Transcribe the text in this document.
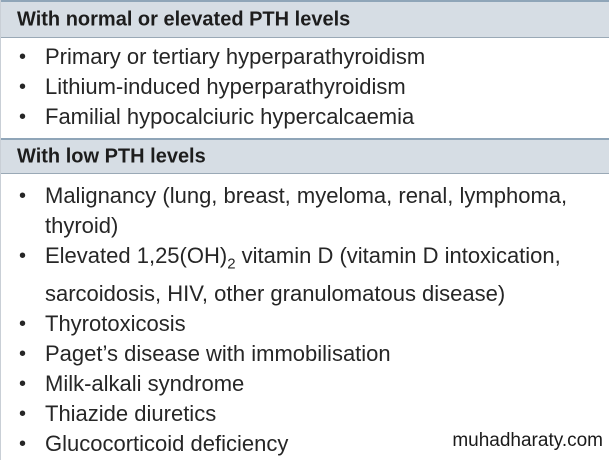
With normal or elevated PTH levels
• Primary or tertiary hyperparathyroidism
• Lithium-induced hyperparathyroidism
• Familial hypocalciuric hypercalcaemia
With low PTH levels
• Malignancy (lung, breast, myeloma, renal, lymphoma, thyroid)
• Elevated $1,25(OH)_2$ vitamin D (vitamin D intoxication, sarcoidosis, HIV, other granulomatous disease)
• Thyrotoxicosis
• Paget’s disease with immobilisation
• Milk-alkali syndrome
• Thiazide diuretics
• Glucocorticoid deficiency	muhadharaty.com
